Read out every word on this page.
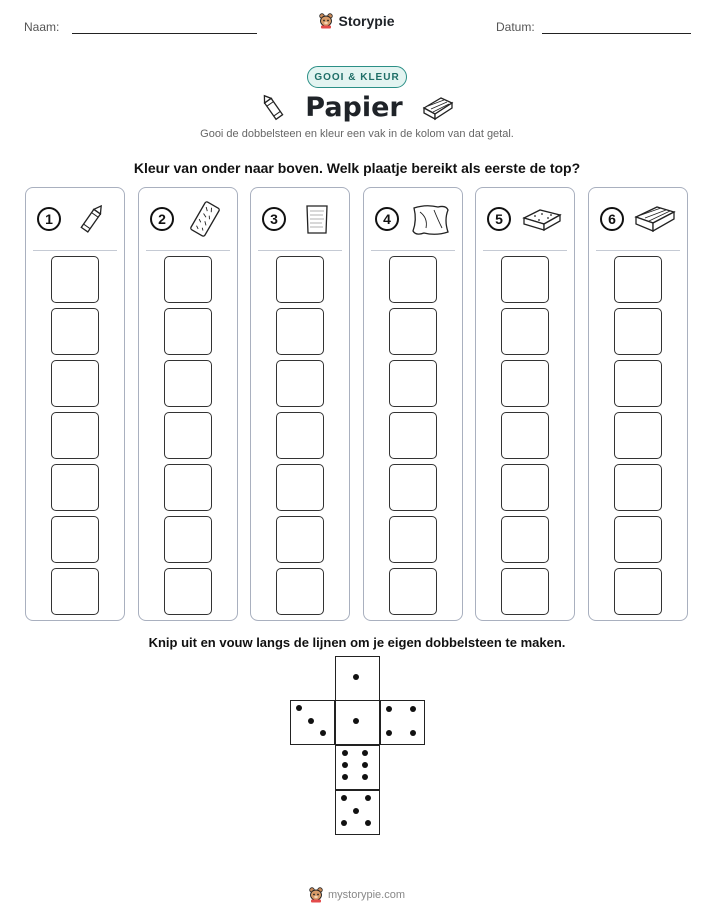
Naam:	Storypie	Datum:
GOOI & KLEUR
Papier
Gooi de dobbelsteen en kleur een vak in de kolom van dat getal.
Kleur van onder naar boven. Welk plaatje bereikt als eerste de top?
1	2	3	4	5	6
Knip uit en vouw langs de lijnen om je eigen dobbelsteen te maken.
mystorypie.com
